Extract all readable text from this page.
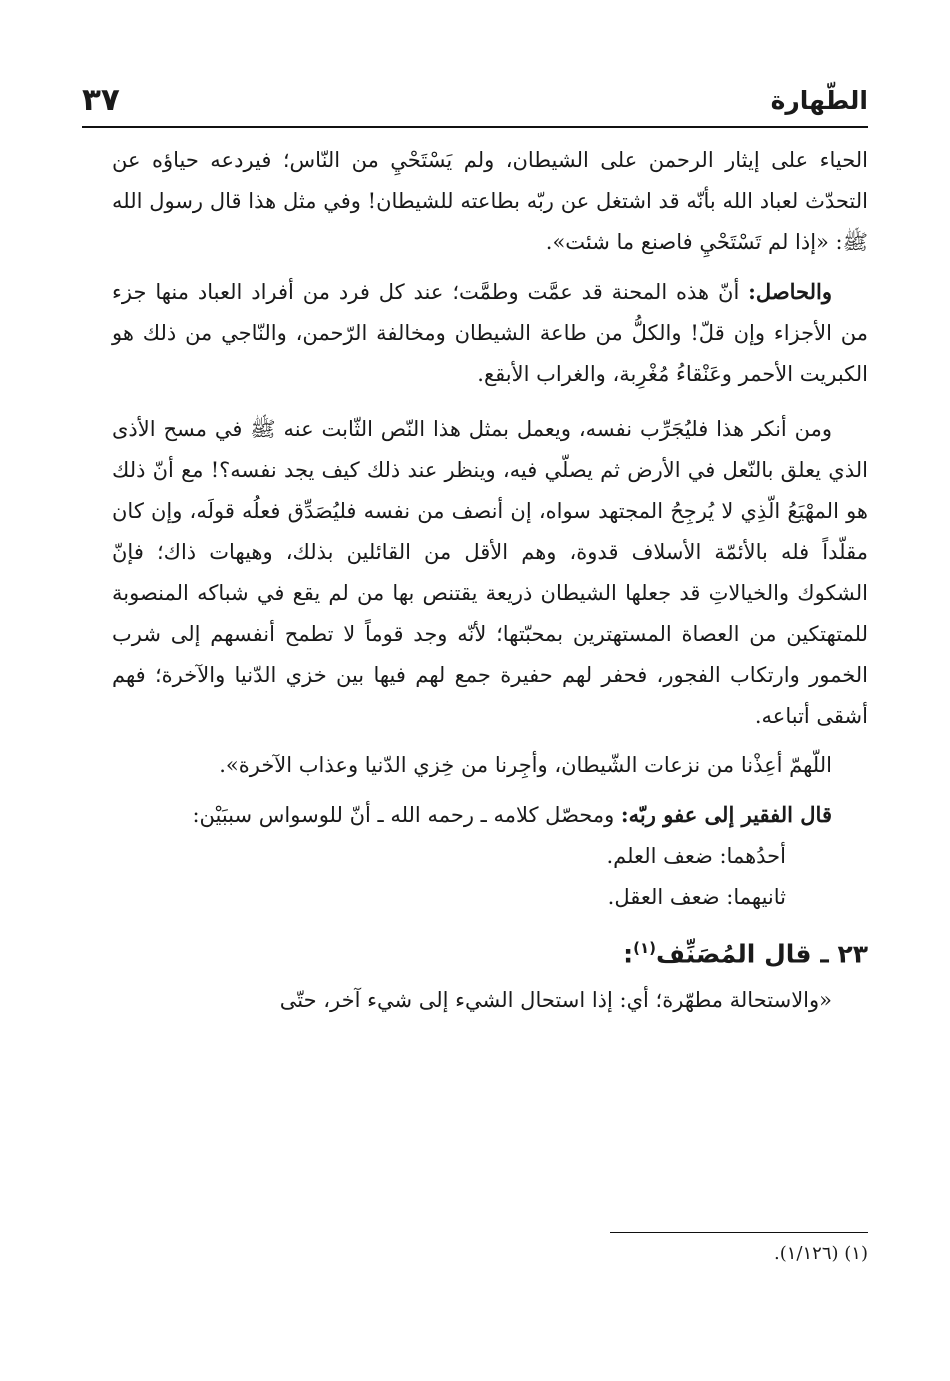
الطّهارة
٣٧

الحياء على إيثار الرحمن على الشيطان، ولم يَسْتَحْيِ من النّاس؛ فيردعه حياؤه عن التحدّث لعباد الله بأنّه قد اشتغل عن ربّه بطاعته للشيطان! وفي مثل هذا قال رسول الله ﷺ: «إذا لم تَسْتَحْيِ فاصنع ما شئت».

والحاصل: أنّ هذه المحنة قد عمَّت وطمَّت؛ عند كل فرد من أفراد العباد منها جزء من الأجزاء وإن قلّ! والكلُّ من طاعة الشيطان ومخالفة الرّحمن، والنّاجي من ذلك هو الكبريت الأحمر وعَنْقاءُ مُغْرِبة، والغراب الأبقع.

ومن أنكر هذا فليُجَرِّب نفسه، ويعمل بمثل هذا النّص الثّابت عنه ﷺ في مسح الأذى الذي يعلق بالنّعل في الأرض ثم يصلّي فيه، وينظر عند ذلك كيف يجد نفسه؟! مع أنّ ذلك هو المهْيَعُ الّذِي لا يُرجِحُ المجتهد سواه، إن أنصف من نفسه فليُصَدِّق فعلُه قولَه، وإن كان مقلّداً فله بالأئمّة الأسلاف قدوة، وهم الأقل من القائلين بذلك، وهيهات ذاك؛ فإنّ الشكوك والخيالاتِ قد جعلها الشيطان ذريعة يقتنص بها من لم يقع في شباكه المنصوبة للمتهتكين من العصاة المستهترين بمحبّتها؛ لأنّه وجد قوماً لا تطمح أنفسهم إلى شرب الخمور وارتكاب الفجور، فحفر لهم حفيرة جمع لهم فيها بين خزي الدّنيا والآخرة؛ فهم أشقى أتباعه.

اللّهمّ أعِذْنا من نزعات الشّيطان، وأجِرنا من خِزي الدّنيا وعذاب الآخرة».

قال الفقير إلى عفو ربّه: ومحصّل كلامه ـ رحمه الله ـ أنّ للوسواس سببَيْن:

أحدُهما: ضعف العلم.

ثانيهما: ضعف العقل.

٢٣ ـ قال المُصَنِّف$^{(١)}$:

«والاستحالة مطهّرة؛ أي: إذا استحال الشيء إلى شيء آخر، حتّى

(١) (١/١٢٦).
